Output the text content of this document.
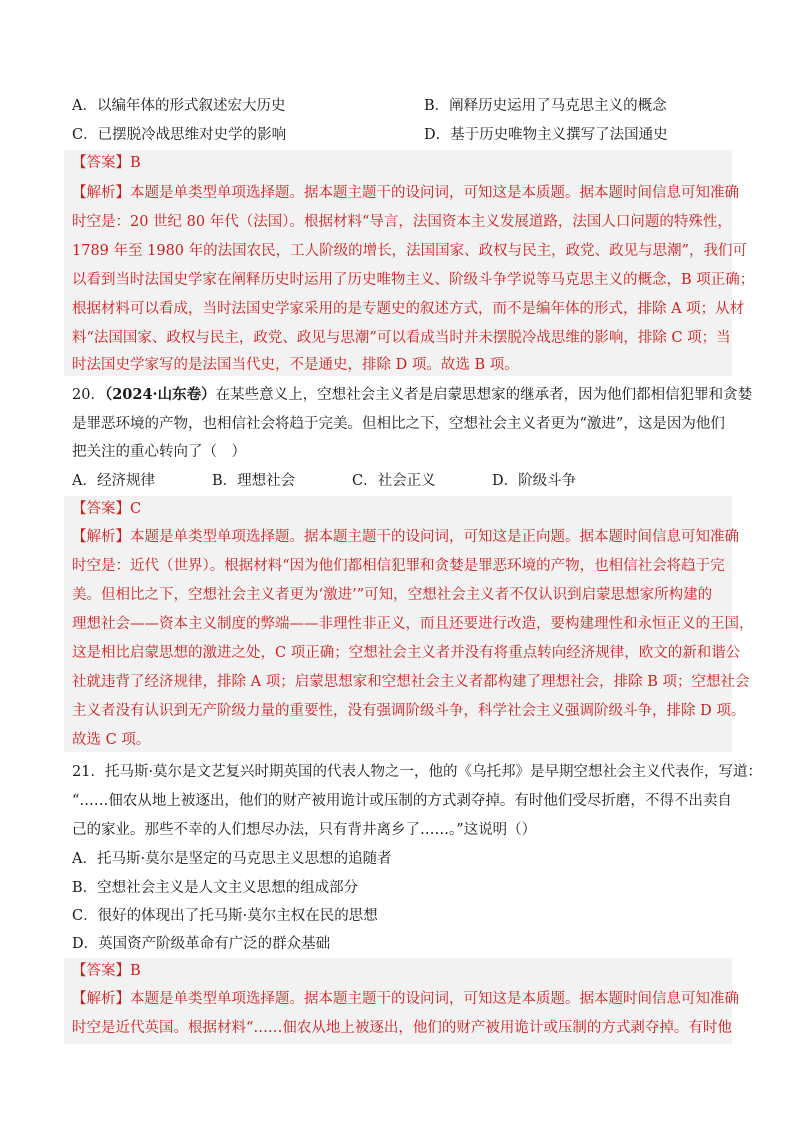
A．以编年体的形式叙述宏大历史	B．阐释历史运用了马克思主义的概念
C．已摆脱冷战思维对史学的影响	D．基于历史唯物主义撰写了法国通史
【答案】B
【解析】本题是单类型单项选择题。据本题主题干的设问词，可知这是本质题。据本题时间信息可知准确
时空是：20 世纪 80 年代（法国）。根据材料“导言，法国资本主义发展道路，法国人口问题的特殊性，
1789 年至 1980 年的法国农民，工人阶级的增长，法国国家、政权与民主，政党、政见与思潮”，我们可
以看到当时法国史学家在阐释历史时运用了历史唯物主义、阶级斗争学说等马克思主义的概念，B 项正确；
根据材料可以看成，当时法国史学家采用的是专题史的叙述方式，而不是编年体的形式，排除 A 项；从材
料“法国国家、政权与民主，政党、政见与思潮”可以看成当时并未摆脱冷战思维的影响，排除 C 项；当
时法国史学家写的是法国当代史，不是通史，排除 D 项。故选 B 项。
20．（2024·山东卷）在某些意义上，空想社会主义者是启蒙思想家的继承者，因为他们都相信犯罪和贪婪
是罪恶环境的产物，也相信社会将趋于完美。但相比之下，空想社会主义者更为“激进”，这是因为他们
把关注的重心转向了（　）
A．经济规律	B．理想社会	C．社会正义	D．阶级斗争
【答案】C
【解析】本题是单类型单项选择题。据本题主题干的设问词，可知这是正向题。据本题时间信息可知准确
时空是：近代（世界）。根据材料“因为他们都相信犯罪和贪婪是罪恶环境的产物，也相信社会将趋于完
美。但相比之下，空想社会主义者更为‘激进’”可知，空想社会主义者不仅认识到启蒙思想家所构建的
理想社会——资本主义制度的弊端——非理性非正义，而且还要进行改造，要构建理性和永恒正义的王国，
这是相比启蒙思想的激进之处，C 项正确；空想社会主义者并没有将重点转向经济规律，欧文的新和谐公
社就违背了经济规律，排除 A 项；启蒙思想家和空想社会主义者都构建了理想社会，排除 B 项；空想社会
主义者没有认识到无产阶级力量的重要性，没有强调阶级斗争，科学社会主义强调阶级斗争，排除 D 项。
故选 C 项。
21．托马斯·莫尔是文艺复兴时期英国的代表人物之一，他的《乌托邦》是早期空想社会主义代表作，写道：
“……佃农从地上被逐出，他们的财产被用诡计或压制的方式剥夺掉。有时他们受尽折磨，不得不出卖自
己的家业。那些不幸的人们想尽办法，只有背井离乡了……。”这说明（）
A．托马斯·莫尔是坚定的马克思主义思想的追随者
B．空想社会主义是人文主义思想的组成部分
C．很好的体现出了托马斯·莫尔主权在民的思想
D．英国资产阶级革命有广泛的群众基础
【答案】B
【解析】本题是单类型单项选择题。据本题主题干的设问词，可知这是本质题。据本题时间信息可知准确
时空是近代英国。根据材料“……佃农从地上被逐出，他们的财产被用诡计或压制的方式剥夺掉。有时他
